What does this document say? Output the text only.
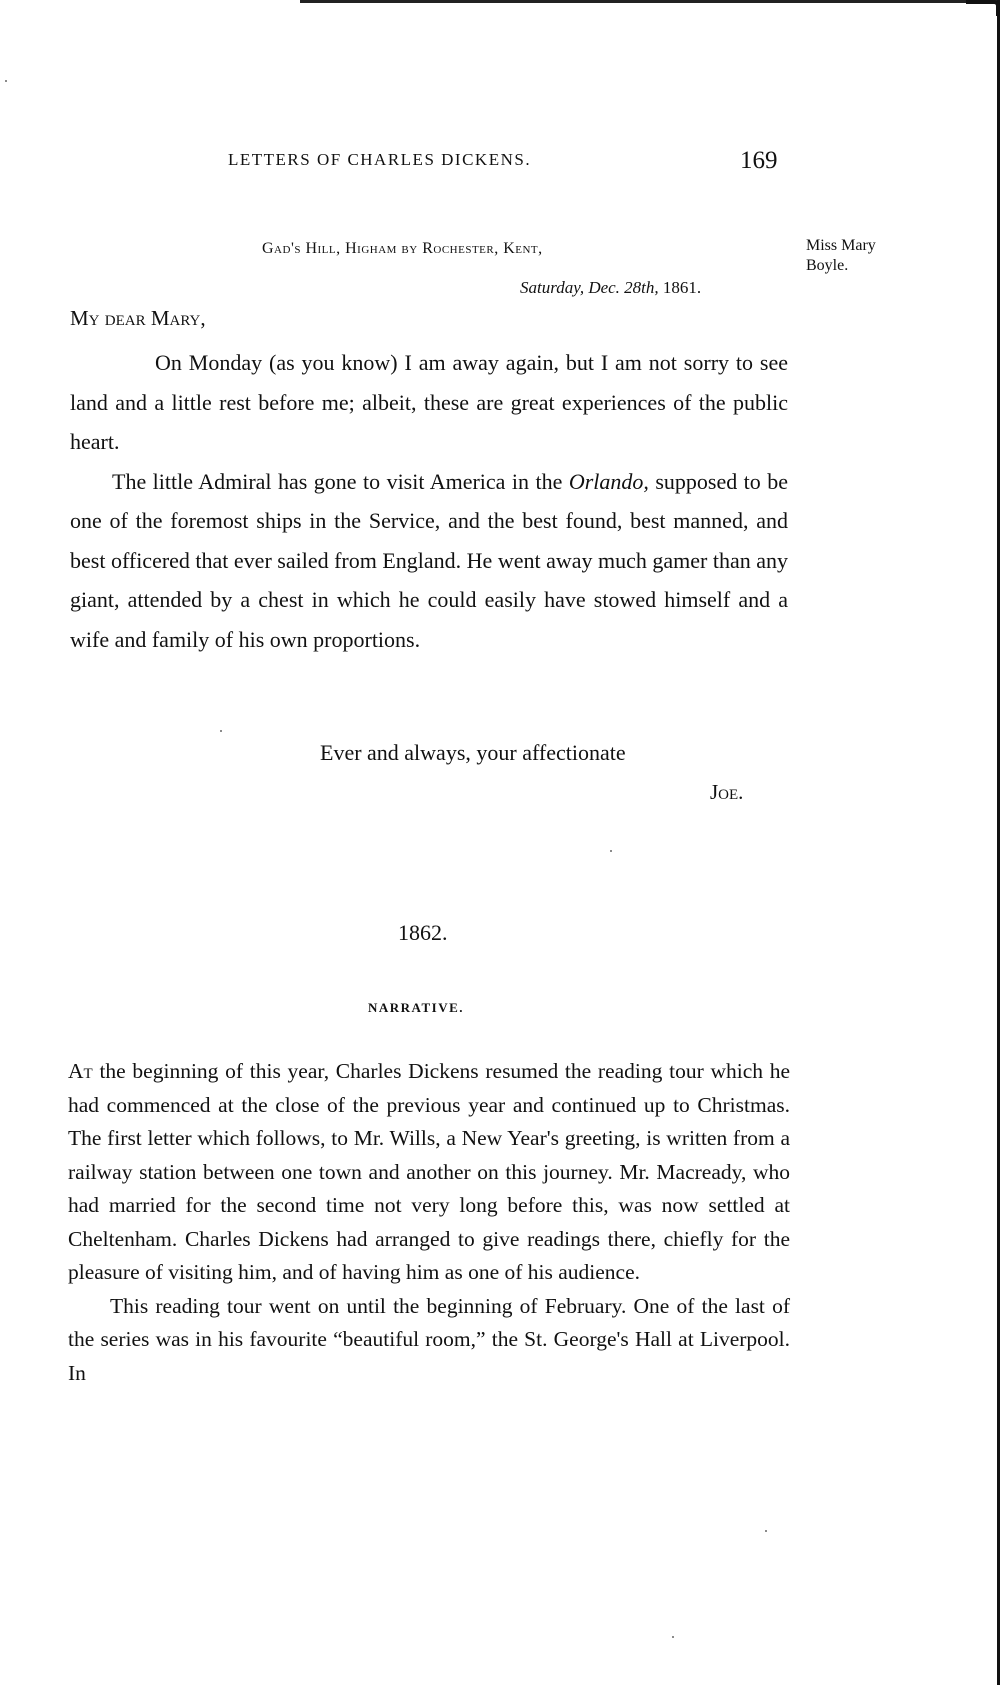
LETTERS OF CHARLES DICKENS.	169
Gad's Hill, Higham by Rochester, Kent,
Saturday, Dec. 28th, 1861.
Miss Mary Boyle.
My dear Mary,

On Monday (as you know) I am away again, but I am not sorry to see land and a little rest before me; albeit, these are great experiences of the public heart.

The little Admiral has gone to visit America in the Orlando, supposed to be one of the foremost ships in the Service, and the best found, best manned, and best officered that ever sailed from England. He went away much gamer than any giant, attended by a chest in which he could easily have stowed himself and a wife and family of his own proportions.

Ever and always, your affectionate
Joe.
1862.
NARRATIVE.

At the beginning of this year, Charles Dickens resumed the reading tour which he had commenced at the close of the previous year and continued up to Christmas. The first letter which follows, to Mr. Wills, a New Year's greeting, is written from a railway station between one town and another on this journey. Mr. Macready, who had married for the second time not very long before this, was now settled at Cheltenham. Charles Dickens had arranged to give readings there, chiefly for the pleasure of visiting him, and of having him as one of his audience.

This reading tour went on until the beginning of February. One of the last of the series was in his favourite “beautiful room,” the St. George's Hall at Liverpool. In
